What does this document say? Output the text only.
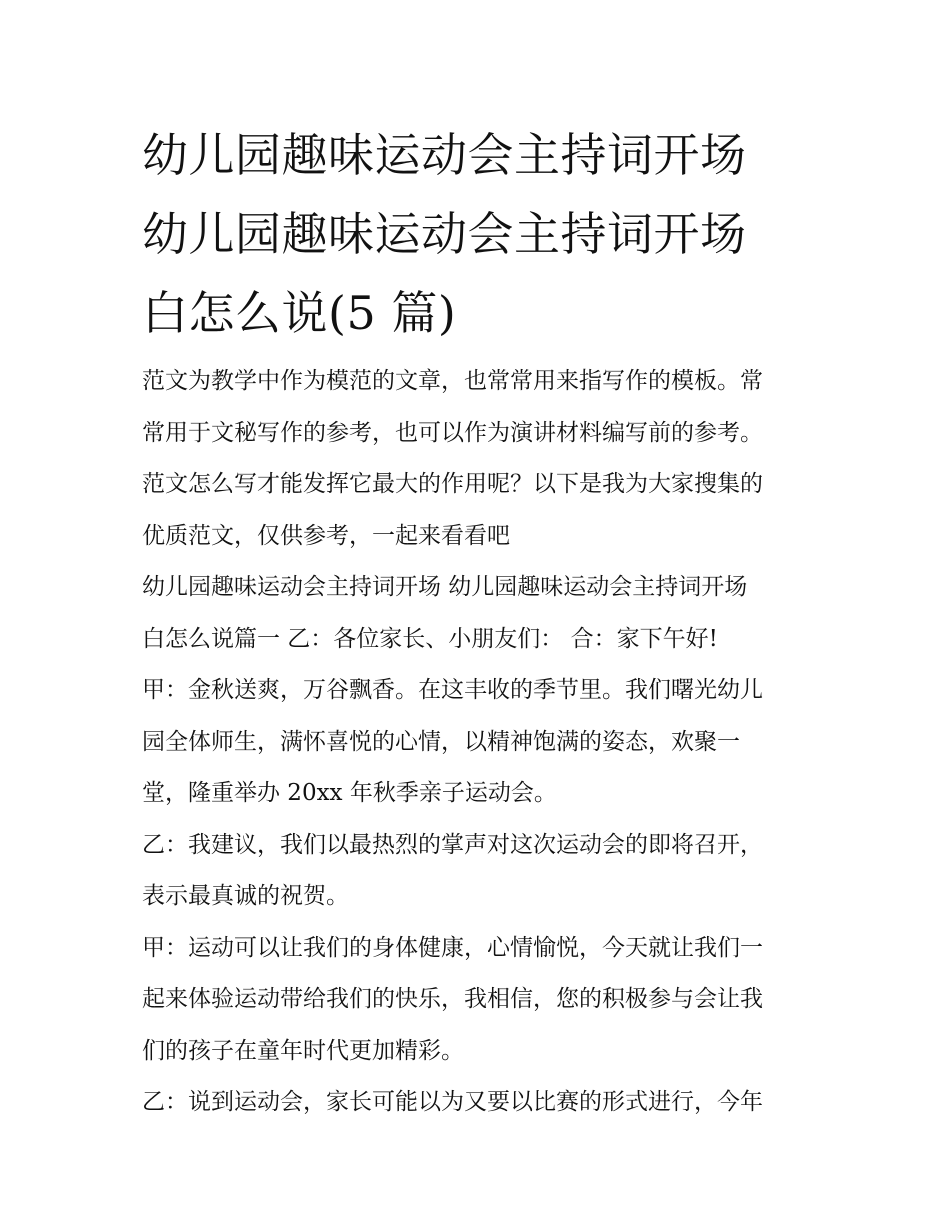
幼儿园趣味运动会主持词开场
幼儿园趣味运动会主持词开场
白怎么说(5 篇)
范文为教学中作为模范的文章，也常常用来指写作的模板。常
常用于文秘写作的参考，也可以作为演讲材料编写前的参考。
范文怎么写才能发挥它最大的作用呢？以下是我为大家搜集的
优质范文，仅供参考，一起来看看吧
幼儿园趣味运动会主持词开场 幼儿园趣味运动会主持词开场
白怎么说篇一 乙：各位家长、小朋友们： 合：家下午好!
甲：金秋送爽，万谷飘香。在这丰收的季节里。我们曙光幼儿
园全体师生，满怀喜悦的心情，以精神饱满的姿态，欢聚一
堂，隆重举办 20xx 年秋季亲子运动会。
乙：我建议，我们以最热烈的掌声对这次运动会的即将召开，
表示最真诚的祝贺。
甲：运动可以让我们的身体健康，心情愉悦，今天就让我们一
起来体验运动带给我们的快乐，我相信，您的积极参与会让我
们的孩子在童年时代更加精彩。
乙：说到运动会，家长可能以为又要以比赛的形式进行，今年
